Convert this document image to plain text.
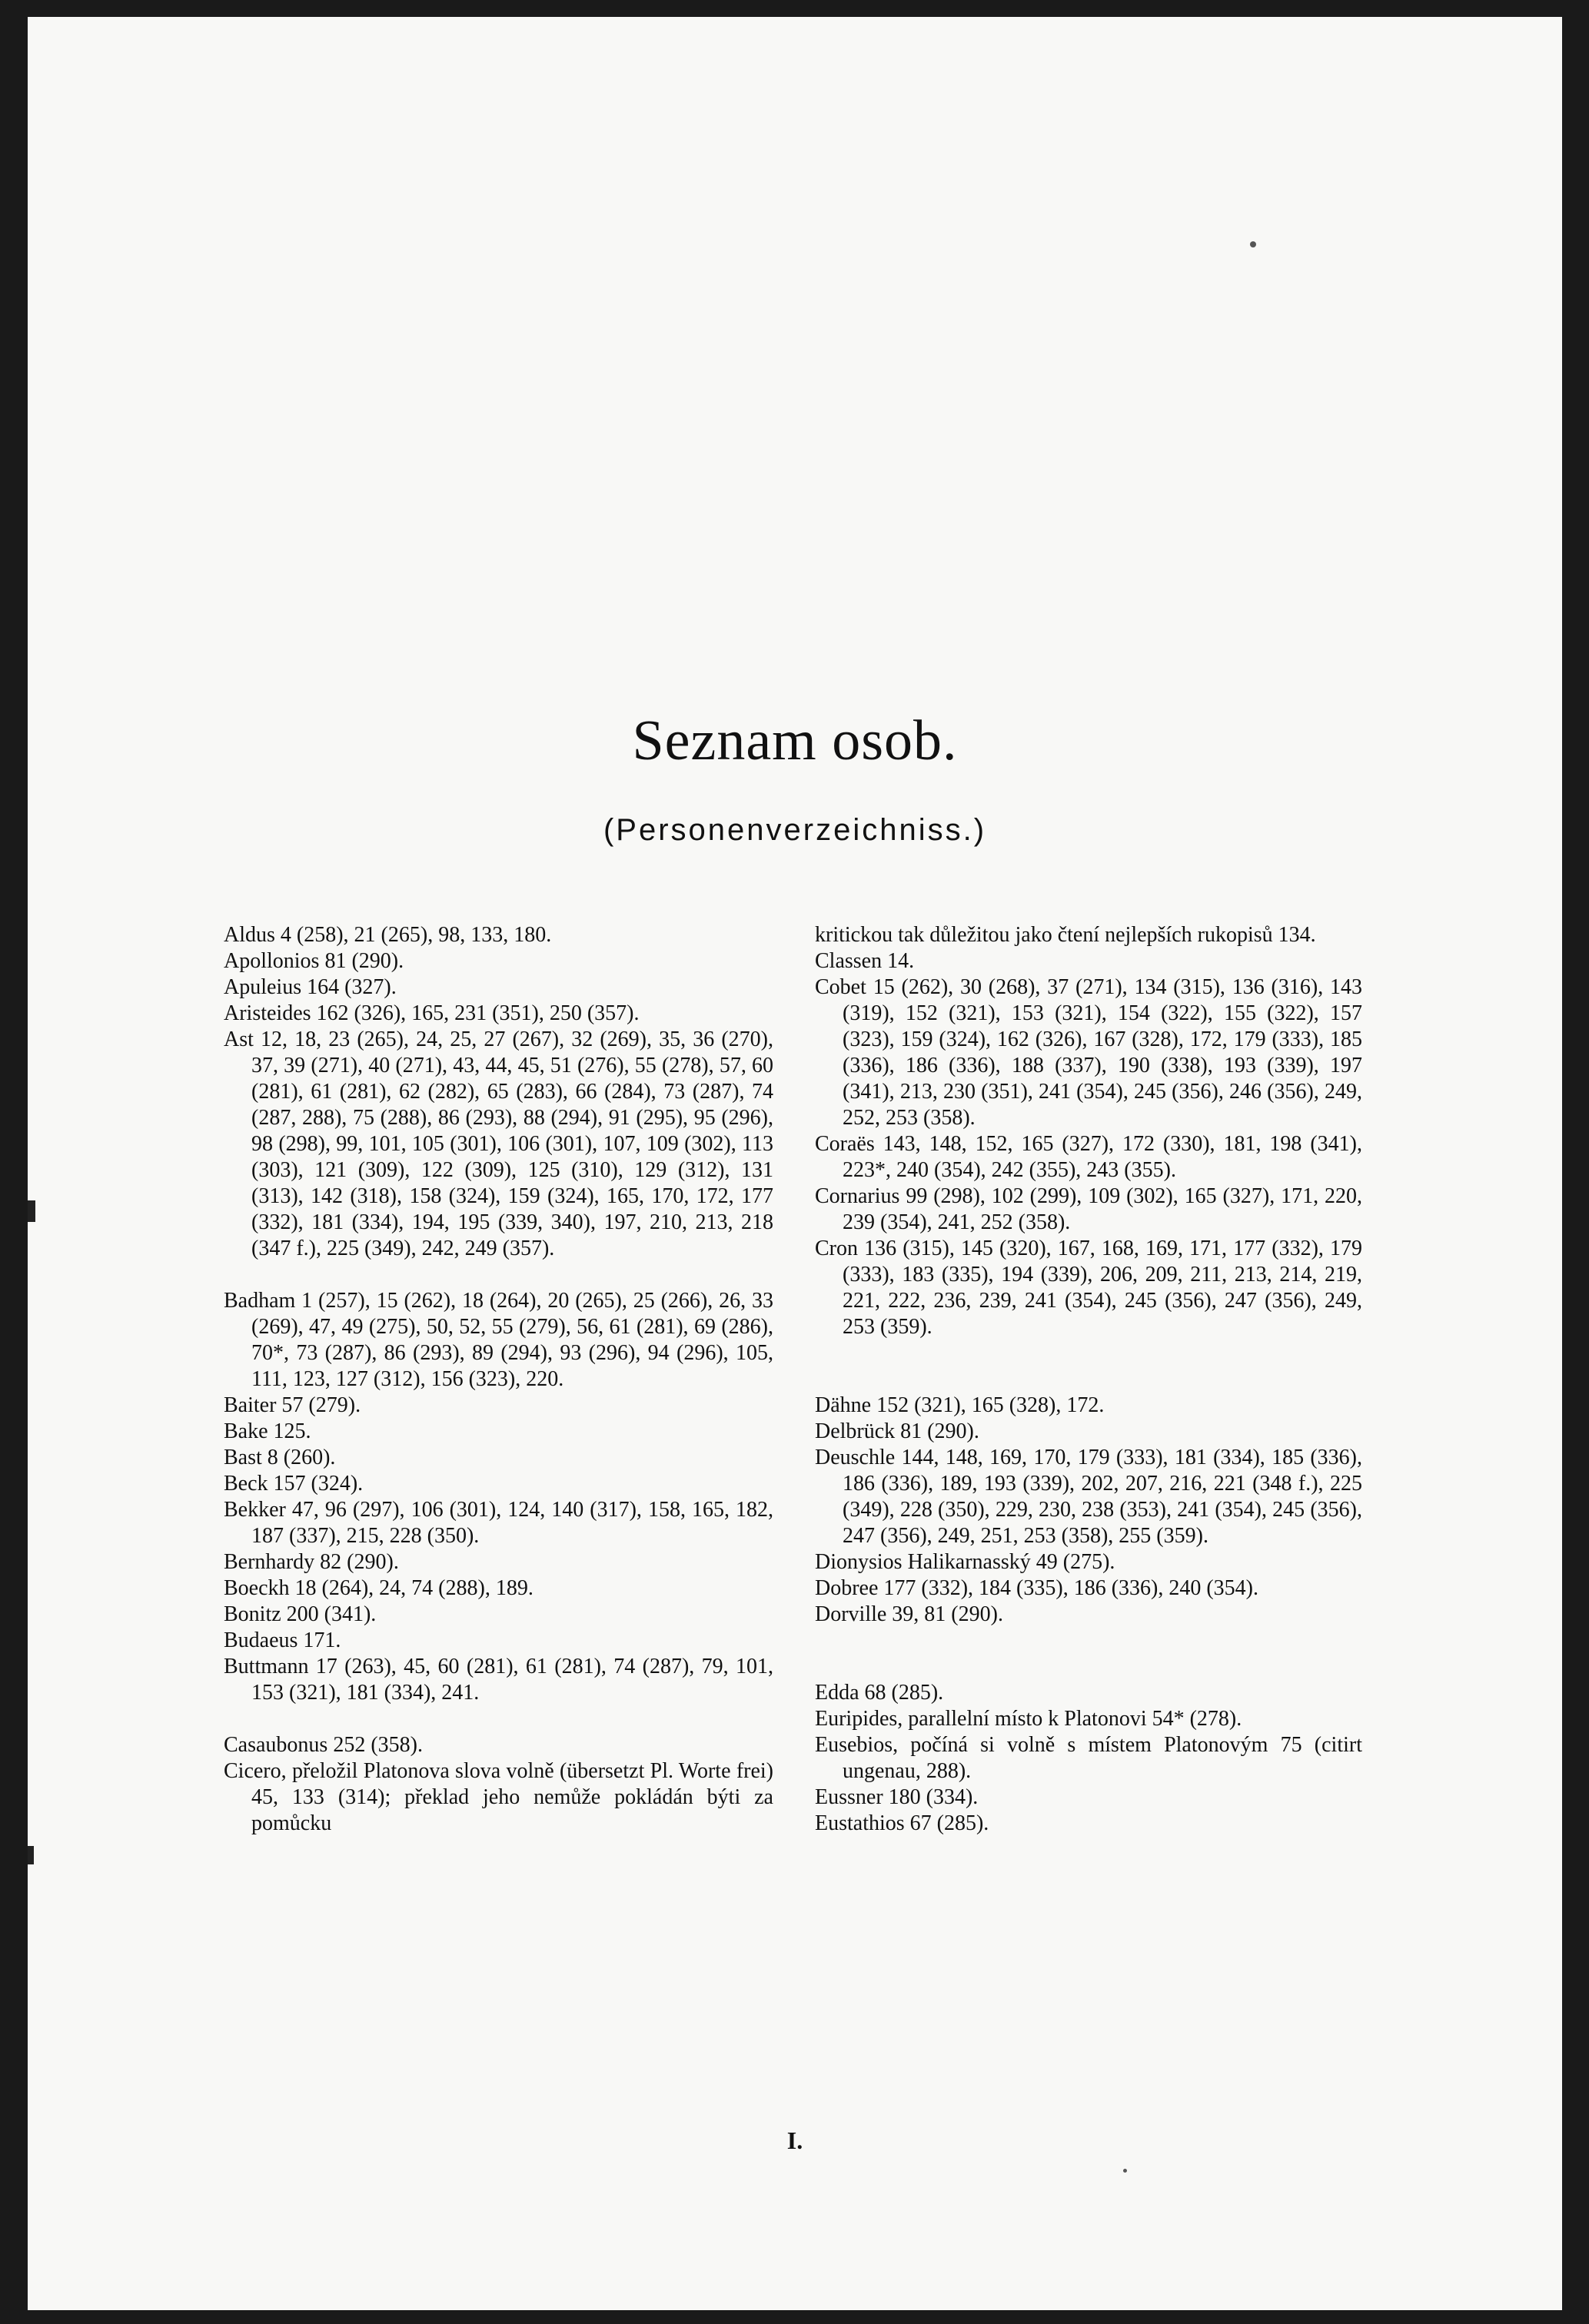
Seznam osob.
(Personenverzeichniss.)

Aldus 4 (258), 21 (265), 98, 133, 180.

Apollonios 81 (290).

Apuleius 164 (327).

Aristeides 162 (326), 165, 231 (351), 250 (357).

Ast 12, 18, 23 (265), 24, 25, 27 (267), 32 (269), 35, 36 (270), 37, 39 (271), 40 (271), 43, 44, 45, 51 (276), 55 (278), 57, 60 (281), 61 (281), 62 (282), 65 (283), 66 (284), 73 (287), 74 (287, 288), 75 (288), 86 (293), 88 (294), 91 (295), 95 (296), 98 (298), 99, 101, 105 (301), 106 (301), 107, 109 (302), 113 (303), 121 (309), 122 (309), 125 (310), 129 (312), 131 (313), 142 (318), 158 (324), 159 (324), 165, 170, 172, 177 (332), 181 (334), 194, 195 (339, 340), 197, 210, 213, 218 (347 f.), 225 (349), 242, 249 (357).

Badham 1 (257), 15 (262), 18 (264), 20 (265), 25 (266), 26, 33 (269), 47, 49 (275), 50, 52, 55 (279), 56, 61 (281), 69 (286), 70*, 73 (287), 86 (293), 89 (294), 93 (296), 94 (296), 105, 111, 123, 127 (312), 156 (323), 220.

Baiter 57 (279).

Bake 125.

Bast 8 (260).

Beck 157 (324).

Bekker 47, 96 (297), 106 (301), 124, 140 (317), 158, 165, 182, 187 (337), 215, 228 (350).

Bernhardy 82 (290).

Boeckh 18 (264), 24, 74 (288), 189.

Bonitz 200 (341).

Budaeus 171.

Buttmann 17 (263), 45, 60 (281), 61 (281), 74 (287), 79, 101, 153 (321), 181 (334), 241.

Casaubonus 252 (358).

Cicero, přeložil Platonova slova volně (übersetzt Pl. Worte frei) 45, 133 (314); překlad jeho nemůže pokládán býti za pomůcku

kritickou tak důležitou jako čtení nejlepších rukopisů 134.

Classen 14.

Cobet 15 (262), 30 (268), 37 (271), 134 (315), 136 (316), 143 (319), 152 (321), 153 (321), 154 (322), 155 (322), 157 (323), 159 (324), 162 (326), 167 (328), 172, 179 (333), 185 (336), 186 (336), 188 (337), 190 (338), 193 (339), 197 (341), 213, 230 (351), 241 (354), 245 (356), 246 (356), 249, 252, 253 (358).

Coraës 143, 148, 152, 165 (327), 172 (330), 181, 198 (341), 223*, 240 (354), 242 (355), 243 (355).

Cornarius 99 (298), 102 (299), 109 (302), 165 (327), 171, 220, 239 (354), 241, 252 (358).

Cron 136 (315), 145 (320), 167, 168, 169, 171, 177 (332), 179 (333), 183 (335), 194 (339), 206, 209, 211, 213, 214, 219, 221, 222, 236, 239, 241 (354), 245 (356), 247 (356), 249, 253 (359).

Dähne 152 (321), 165 (328), 172.

Delbrück 81 (290).

Deuschle 144, 148, 169, 170, 179 (333), 181 (334), 185 (336), 186 (336), 189, 193 (339), 202, 207, 216, 221 (348 f.), 225 (349), 228 (350), 229, 230, 238 (353), 241 (354), 245 (356), 247 (356), 249, 251, 253 (358), 255 (359).

Dionysios Halikarnasský 49 (275).

Dobree 177 (332), 184 (335), 186 (336), 240 (354).

Dorville 39, 81 (290).

Edda 68 (285).

Euripides, parallelní místo k Platonovi 54* (278).

Eusebios, počíná si volně s místem Platonovým 75 (citirt ungenau, 288).

Eussner 180 (334).

Eustathios 67 (285).

I.
